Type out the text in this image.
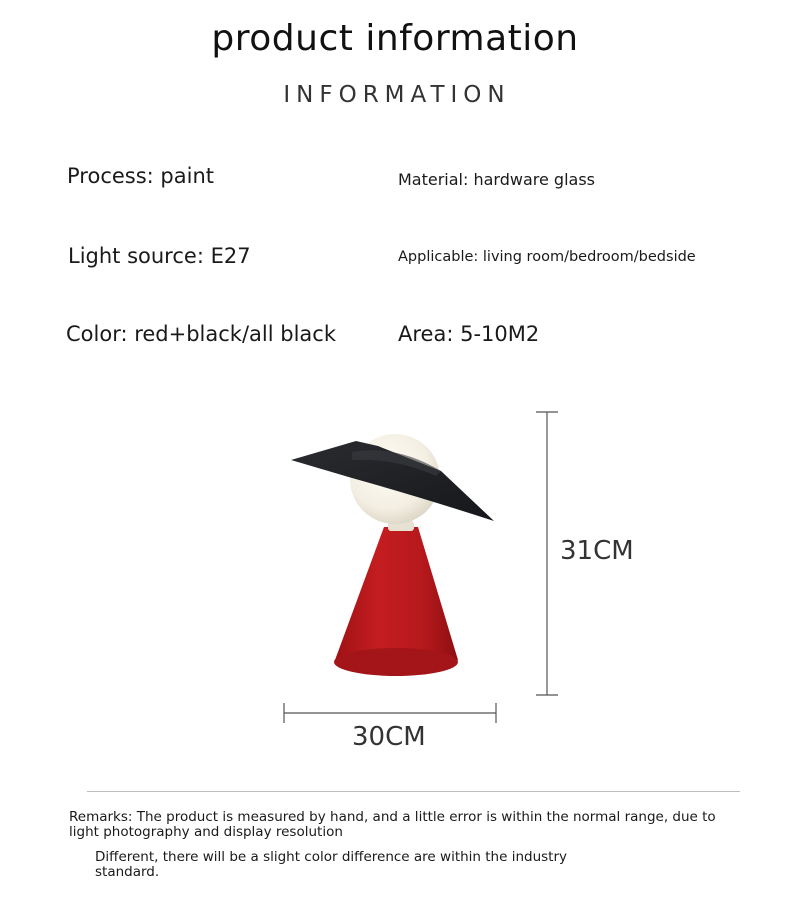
product information
INFORMATION
Process: paint	Material: hardware glass
Light source: E27	Applicable: living room/bedroom/bedside
Color: red+black/all black	Area: 5-10M2
31CM
30CM
Remarks: The product is measured by hand, and a little error is within the normal range, due to light photography and display resolution
Different, there will be a slight color difference are within the industry standard.
